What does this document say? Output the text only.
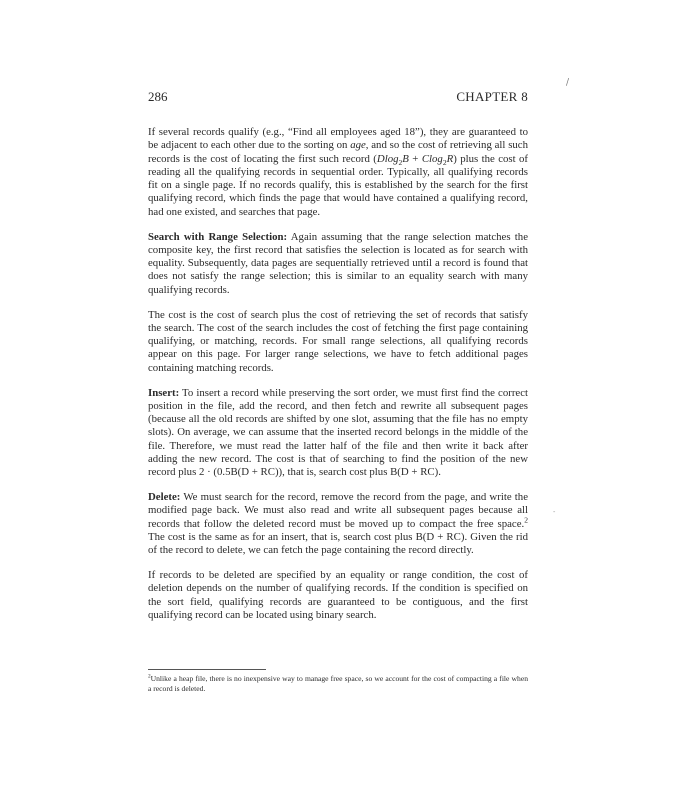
/
-
286	CHAPTER 8

If several records qualify (e.g., “Find all employees aged 18”), they are guaranteed to be adjacent to each other due to the sorting on age, and so the cost of retrieving all such records is the cost of locating the first such record (Dlog$_2$B + Clog$_2$R) plus the cost of reading all the qualifying records in sequential order. Typically, all qualifying records fit on a single page. If no records qualify, this is established by the search for the first qualifying record, which finds the page that would have contained a qualifying record, had one existed, and searches that page.

Search with Range Selection: Again assuming that the range selection matches the composite key, the first record that satisfies the selection is located as for search with equality. Subsequently, data pages are sequentially retrieved until a record is found that does not satisfy the range selection; this is similar to an equality search with many qualifying records.

The cost is the cost of search plus the cost of retrieving the set of records that satisfy the search. The cost of the search includes the cost of fetching the first page containing qualifying, or matching, records. For small range selections, all qualifying records appear on this page. For larger range selections, we have to fetch additional pages containing matching records.

Insert: To insert a record while preserving the sort order, we must first find the correct position in the file, add the record, and then fetch and rewrite all subsequent pages (because all the old records are shifted by one slot, assuming that the file has no empty slots). On average, we can assume that the inserted record belongs in the middle of the file. Therefore, we must read the latter half of the file and then write it back after adding the new record. The cost is that of searching to find the position of the new record plus 2 · (0.5B(D + RC)), that is, search cost plus B(D + RC).

Delete: We must search for the record, remove the record from the page, and write the modified page back. We must also read and write all subsequent pages because all records that follow the deleted record must be moved up to compact the free space.$^2$ The cost is the same as for an insert, that is, search cost plus B(D + RC). Given the rid of the record to delete, we can fetch the page containing the record directly.

If records to be deleted are specified by an equality or range condition, the cost of deletion depends on the number of qualifying records. If the condition is specified on the sort field, qualifying records are guaranteed to be contiguous, and the first qualifying record can be located using binary search.

$^2$Unlike a heap file, there is no inexpensive way to manage free space, so we account for the cost of compacting a file when a record is deleted.
